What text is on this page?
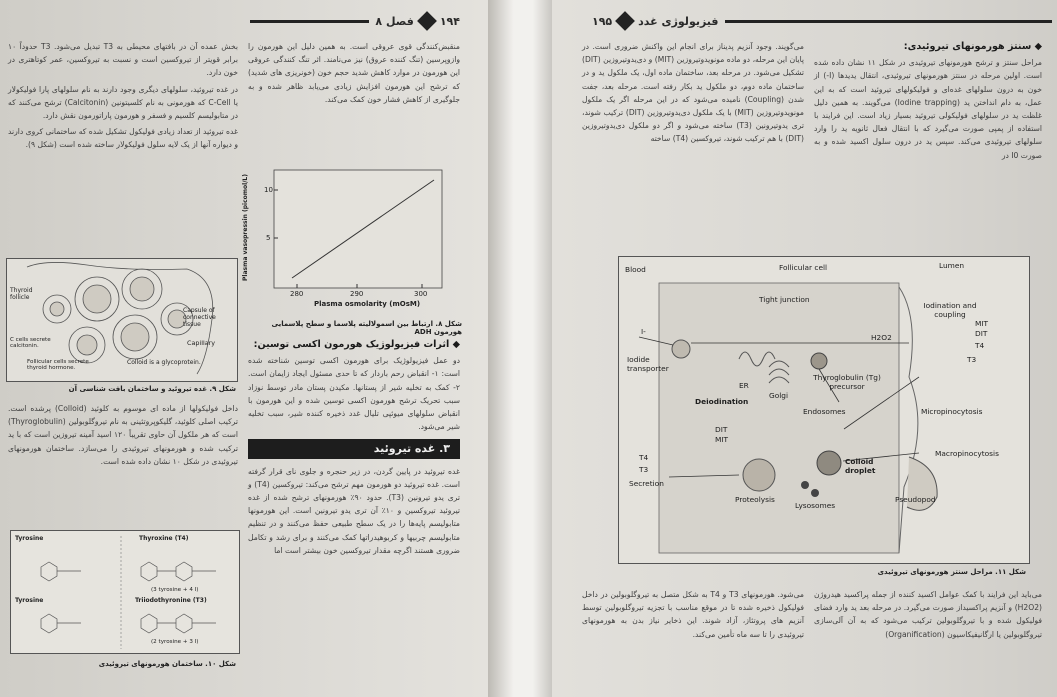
فصل ۸ ۱۹۴

منقبض‌کنندگی قوی عروقی است. به همین دلیل این هورمون را وازوپرسین (تنگ کننده عروق) نیز می‌نامند. اثر تنگ کنندگی عروقی این هورمون در موارد کاهش شدید حجم خون (خونریزی های شدید) که ترشح این هورمون افزایش زیادی می‌یابد ظاهر شده و به جلوگیری از کاهش فشار خون کمک می‌کند.

10
5
280	290	300
Plasma osmolarity (mOsM)
Plasma vasopressin (picomol/L)
شکل ۸. ارتباط بین اسمولالیته پلاسما و سطح پلاسمایی هورمون ADH
◆ اثرات فیزیولوژیک هورمون اکسی توسین:

دو عمل فیزیولوژیک برای هورمون اکسی توسین شناخته شده است: ۱- انقباض رحم باردار که تا حدی مسئول ایجاد زایمان است. ۲- کمک به تخلیه شیر از پستانها. مکیدن پستان مادر توسط نوزاد سبب تحریک ترشح هورمون اکسی توسین شده و این هورمون با انقباض سلولهای میوئپی تلیال غدد ذخیره کننده شیر، سبب تخلیه شیر می‌شود.

۳. غده تیروئید

غده تیروئید در پایین گردن، در زیر حنجره و جلوی نای قرار گرفته است. غده تیروئید دو هورمون مهم ترشح می‌کند: تیروکسین (T4) و تری یدو تیرونین (T3). حدود ۹۰٪ هورمونهای ترشح شده از غده تیروئید تیروکسین و ۱۰٪ آن تری یدو تیرونین است. این هورمونها متابولیسم پایه‌ها را در یک سطح طبیعی حفظ می‌کنند و در تنظیم متابولیسم چربیها و کربوهیدراتها کمک می‌کنند و برای رشد و تکامل ضروری هستند اگرچه مقدار تیروکسین خون بیشتر است اما

بخش عمده آن در بافتهای محیطی به T3 تبدیل می‌شود. T3 حدوداً ۱۰ برابر قویتر از تیروکسین است و نسبت به تیروکسین، عمر کوتاهتری در خون دارد.

در غده تیروئید، سلولهای دیگری وجود دارند به نام سلولهای پارا فولیکولار یا C-Cell که هورمونی به نام کلسیتونین (Calcitonin) ترشح می‌کنند که در متابولیسم کلسیم و فسفر و هورمون پاراتورمون نقش دارد.

غده تیروئید از تعداد زیادی فولیکول تشکیل شده که ساختمانی کروی دارند و دیواره آنها از یک لایه سلول فولیکولار ساخته شده است (شکل ۹).

Thyroid follicle
Capsule of connective tissue
Capillary
C cells secrete calcitonin.
Follicular cells secrete thyroid hormone.
Colloid is a glycoprotein.
شکل ۹. غده تیروئید و ساختمان بافت شناسی آن

داخل فولیکولها از ماده ای موسوم به کلوئید (Colloid) پرشده است. ترکیب اصلی کلوئید، گلیکوپروتئینی به نام تیروگلوبولین (Thyroglobulin) است که هر ملکول آن حاوی تقریباً ۱۲۰ اسید آمینه تیروزین است که با ید ترکیب شده و هورمونهای تیروئیدی را می‌سازد. ساختمان هورمونهای تیروئیدی در شکل ۱۰ نشان داده شده است.

Tyrosine	Thyroxine (T4)
(3 tyrosine + 4 I)
Tyrosine	Triiodothyronine (T3)
(2 tyrosine + 3 I)
شکل ۱۰. ساختمان هورمونهای تیروئیدی
۱۹۵ فیزیولوژی غدد
◆ سنتز هورمونهای تیروئیدی:

مراحل سنتز و ترشح هورمونهای تیروئیدی در شکل ۱۱ نشان داده شده است. اولین مرحله در سنتز هورمونهای تیروئیدی، انتقال یدیدها (I-) از خون به درون سلولهای غده‌ای و فولیکولهای تیروئید است که به این عمل، به دام انداختن ید (Iodine trapping) می‌گویند. به همین دلیل غلظت ید در سلولهای فولیکولی تیروئید بسیار زیاد است. این فرایند با استفاده از پمپی صورت می‌گیرد که با انتقال فعال ثانویه ید را وارد سلولهای تیروئیدی می‌کند. سپس ید در درون سلول اکسید شده و به صورت I0 در

می‌گویند. وجود آنزیم پدیناز برای انجام این واکنش ضروری است. در پایان این مرحله، دو ماده مونویدوتیروزین (MIT) و دی‌یدوتیروزین (DIT) تشکیل می‌شود. در مرحله بعد، ساختمان ماده اول، یک ملکول ید و در ساختمان ماده دوم، دو ملکول ید بکار رفته است. مرحله بعد، جفت شدن (Coupling) نامیده می‌شود که در این مرحله اگر یک ملکول مونویدوتیروزین (MIT) با یک ملکول دی‌یدوتیروزین (DIT) ترکیب شوند، تری یدوتیرونین (T3) ساخته می‌شود و اگر دو ملکول دی‌یدوتیروزین (DIT) با هم ترکیب شوند، تیروکسین (T4) ساخته

Blood	Follicular cell	Lumen
Tight junction
Iodination and coupling
Iodide transporter
ER
Golgi
Thyroglobulin (Tg) precursor
Deiodination
Endosomes	Micropinocytosis
Macropinocytosis
Proteolysis
Colloid droplet
Lysosomes
Pseudopod
Secretion
T4
T3
DIT
MIT
I-
H2O2
MIT
DIT
T4
T3
شکل ۱۱. مراحل سنتز هورمونهای تیروئیدی

می‌باید این فرایند با کمک عوامل اکسید کننده از جمله پراکسید هیدروژن (H2O2) و آنزیم پراکسیداز صورت می‌گیرد. در مرحله بعد ید وارد فضای فولیکول شده و با تیروگلوبولین ترکیب می‌شود که به آن آلی‌سازی تیروگلوبولین یا ارگانیفیکاسیون (Organification)

می‌شود. هورمونهای T3 و T4 به شکل متصل به تیروگلوبولین در داخل فولیکول ذخیره شده تا در موقع مناسب با تجزیه تیروگلوبولین توسط آنزیم های پروتئاز، آزاد شوند. این ذخایر نیاز بدن به هورمونهای تیروئیدی را تا سه ماه تأمین می‌کند.
